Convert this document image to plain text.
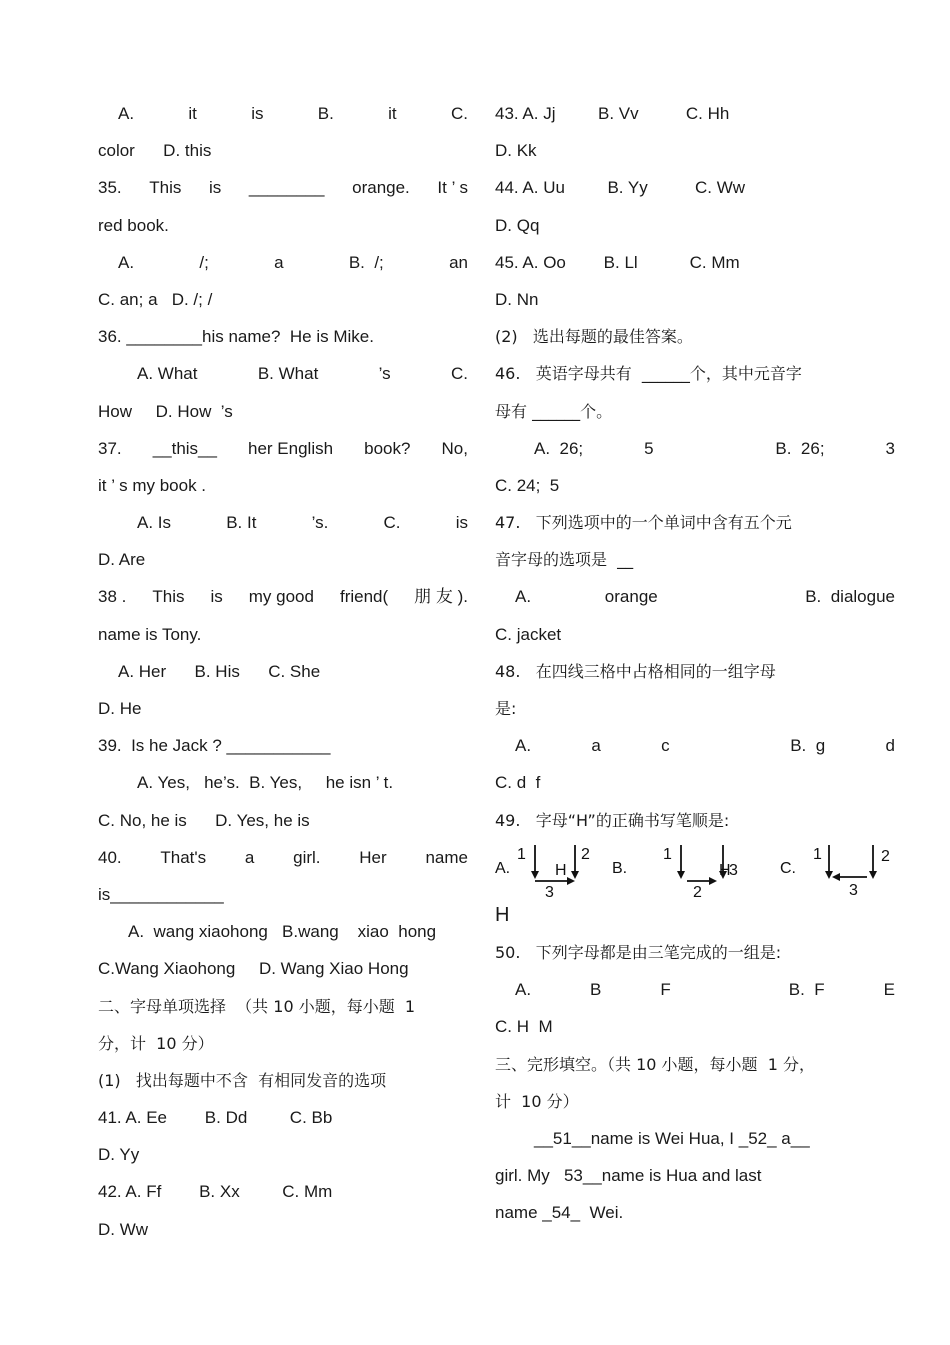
A.	it	is	B.	it	C.
color      D. this
35. This is ________ orange. It ’ s
red book.
A.	/;	a	B.  /;	an
C. an; a   D. /; /
36. ________his name?  He is Mike.
A. What	B. What	’s	C.
How     D. How  ’s
37. __this__ her English book? No,
it ’ s my book .
A. Is	B. It	’s.	C.	is
D. Are
38 . This is my good friend( 朋 友 ).
name is Tony.
A. Her      B. His      C. She
D. He
39.  Is he Jack ? ___________
A. Yes,   he’s.  B. Yes,     he isn ’ t.
C. No, he is      D. Yes, he is
40. That's a girl. Her name
is____________
A.  wang xiaohong   B.wang    xiao  hong
C.Wang Xiaohong     D. Wang Xiao Hong
二、字母单项选择  （共 10 小题，每小题  1
分，计  10 分）
(1)   找出每题中不含  有相同发音的选项
41. A. Ee        B. Dd         C. Bb
D. Yy
42. A. Ff        B. Xx         C. Mm
D. Ww
43. A. Jj         B. Vv          C. Hh
D. Kk
44. A. Uu         B. Yy          C. Ww
D. Qq
45. A. Oo        B. Ll           C. Mm
D. Nn
(2)   选出每题的最佳答案。
46.   英语字母共有  ______个，其中元音字
母有 ______个。
A.  26;	5	B.  26;	3
C. 24;  5
47.   下列选项中的一个单词中含有五个元
音字母的选项是  __
A.	orange	B.  dialogue
C. jacket
48.   在四线三格中占格相同的一组字母
是:
A.	a	c	B.  g	d
C. d  f
49.   字母“H”的正确书写笔顺是:
A.	B.	C.
1
H
2
3
1
2
H
3
1
3
2
H
50.   下列字母都是由三笔完成的一组是:
A.	B	F	B.  F	E
C. H  M
三、完形填空。（共 10 小题，每小题  1 分，
计  10 分）
__51__name is Wei Hua, I _52_ a__
girl. My   53__name is Hua and last
name _54_  Wei.
